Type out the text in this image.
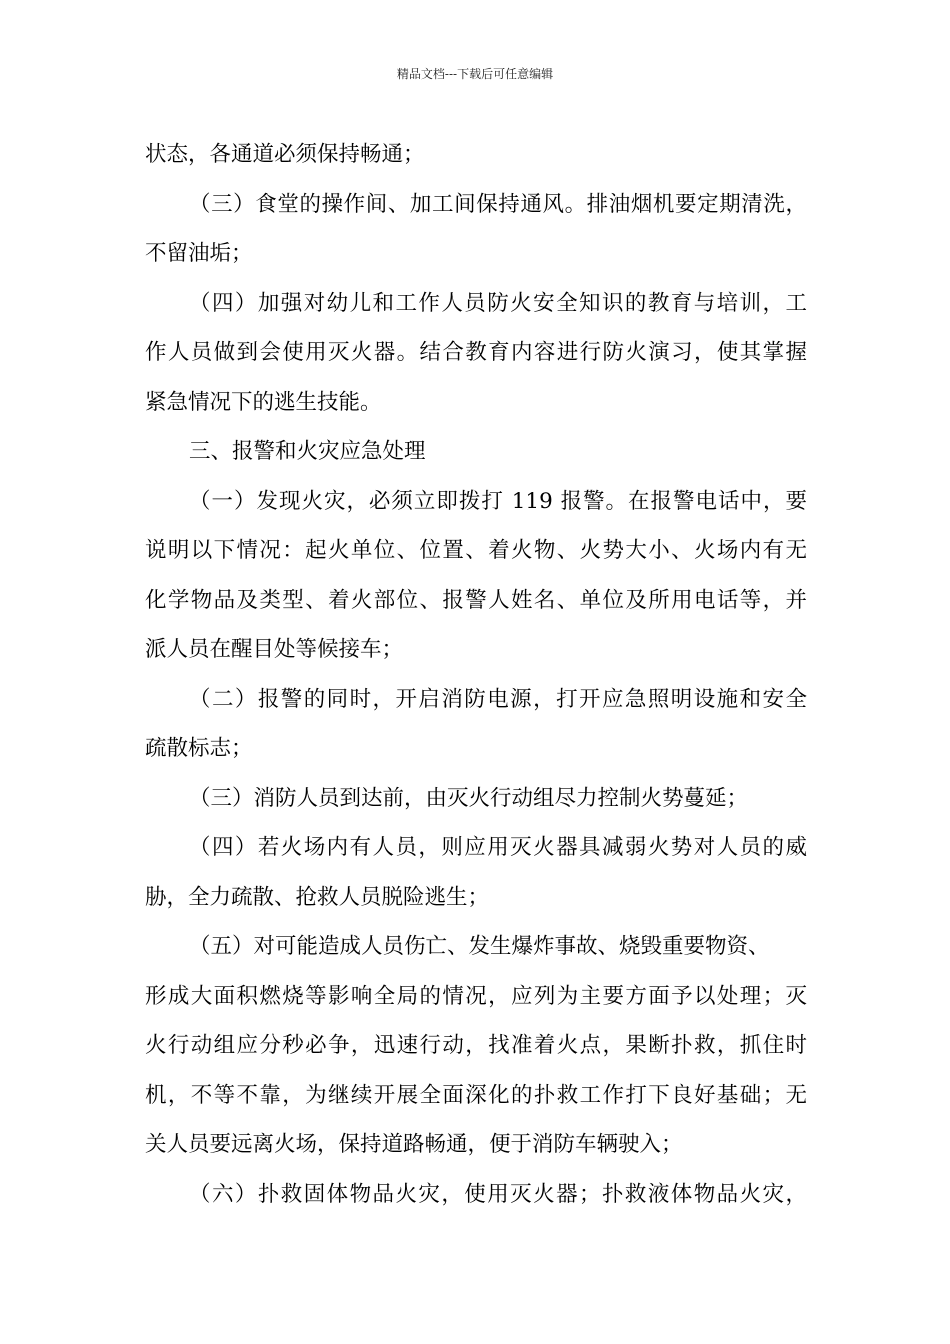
精品文档---下载后可任意编辑
状态，各通道必须保持畅通；
（三）食堂的操作间、加工间保持通风。排油烟机要定期清洗，
不留油垢；
（四）加强对幼儿和工作人员防火安全知识的教育与培训，工
作人员做到会使用灭火器。结合教育内容进行防火演习，使其掌握
紧急情况下的逃生技能。
三、报警和火灾应急处理
（一）发现火灾，必须立即拨打 119 报警。在报警电话中，要
说明以下情况：起火单位、位置、着火物、火势大小、火场内有无
化学物品及类型、着火部位、报警人姓名、单位及所用电话等，并
派人员在醒目处等候接车；
（二）报警的同时，开启消防电源，打开应急照明设施和安全
疏散标志；
（三）消防人员到达前，由灭火行动组尽力控制火势蔓延；
（四）若火场内有人员，则应用灭火器具减弱火势对人员的威
胁，全力疏散、抢救人员脱险逃生；
（五）对可能造成人员伤亡、发生爆炸事故、烧毁重要物资、
形成大面积燃烧等影响全局的情况，应列为主要方面予以处理；灭
火行动组应分秒必争，迅速行动，找准着火点，果断扑救，抓住时
机，不等不靠，为继续开展全面深化的扑救工作打下良好基础；无
关人员要远离火场，保持道路畅通，便于消防车辆驶入；
（六）扑救固体物品火灾，使用灭火器；扑救液体物品火灾，
